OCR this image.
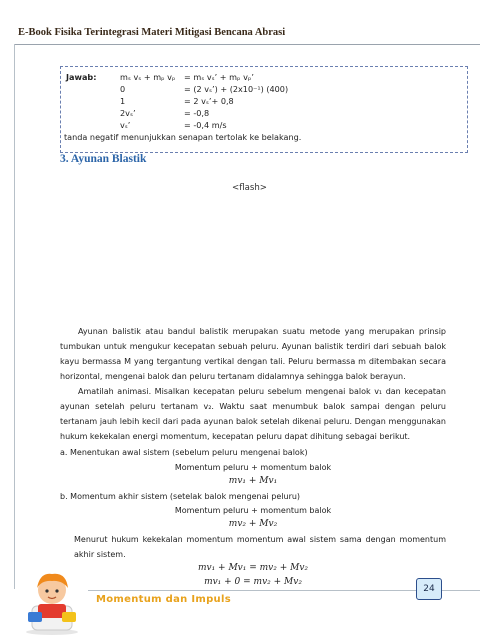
E-Book Fisika Terintegrasi Materi Mitigasi Bencana Abrasi
Jawab:	mₛ vₛ + mₚ vₚ = mₛ vₛ’ + mₚ vₚ’
0	= (2 vₛ’) + (2x10⁻¹) (400)
1	= 2 vₛ’+ 0,8
2vₛ’	= -0,8
vₛ’	= -0,4 m/s
tanda negatif menunjukkan senapan tertolak ke belakang.
3. Ayunan Blastik
<flash>
Ayunan balistik atau bandul balistik merupakan suatu metode yang merupakan prinsip tumbukan untuk mengukur kecepatan sebuah peluru. Ayunan balistik terdiri dari sebuah balok kayu bermassa M yang tergantung vertikal dengan tali. Peluru bermassa m ditembakan secara horizontal, mengenai balok dan peluru tertanam didalamnya sehingga balok berayun.
Amatilah animasi. Misalkan kecepatan peluru sebelum mengenai balok v₁ dan kecepatan ayunan setelah peluru tertanam v₂. Waktu saat menumbuk balok sampai dengan peluru tertanam jauh lebih kecil dari pada ayunan balok setelah dikenai peluru. Dengan menggunakan hukum kekekalan energi momentum, kecepatan peluru dapat dihitung sebagai berikut.
a. Menentukan awal sistem (sebelum peluru mengenai balok)
Momentum peluru + momentum balok
mv₁ + Mv₁
b. Momentum akhir sistem (setelak balok mengenai peluru)
Momentum peluru + momentum balok
mv₂ + Mv₂
Menurut hukum kekekalan momentum momentum awal sistem sama dengan momentum akhir sistem.
mv₁ + Mv₁ = mv₂ + Mv₂
mv₁ + 0 = mv₂ + Mv₂
Momentum dan Impuls
24
